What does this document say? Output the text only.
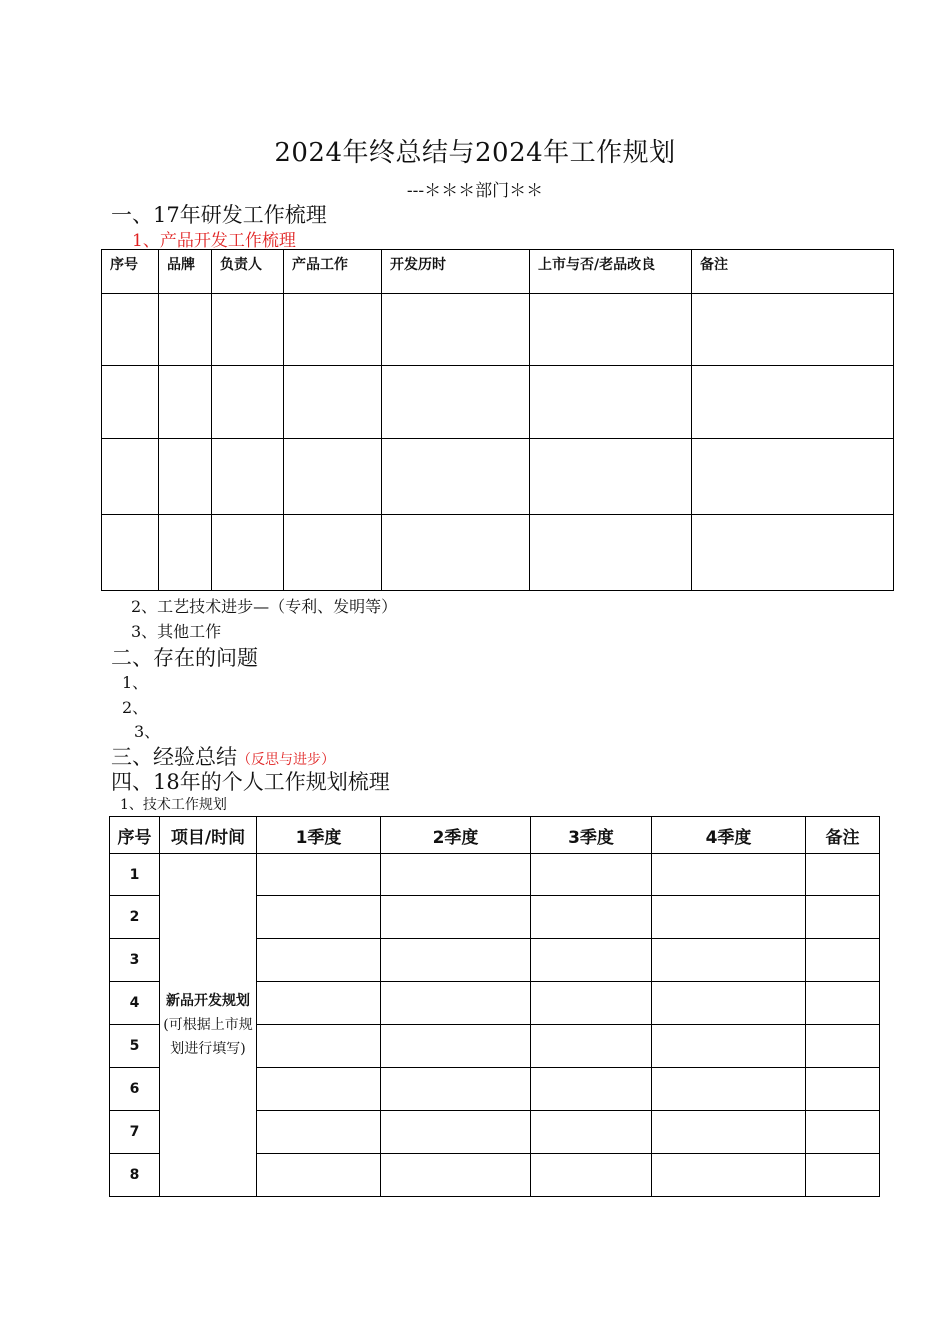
2024年终总结与2024年工作规划
---＊＊＊部门＊＊
一、17年研发工作梳理
1、产品开发工作梳理
序号	品牌	负责人	产品工作	开发历时	上市与否/老品改良	备注

2、工艺技术进步—（专利、发明等）
3、其他工作
二、存在的问题
1、
2、
3、
三、经验总结（反思与进步）
四、18年的个人工作规划梳理
1、技术工作规划
序号	项目/时间	1季度	2季度	3季度	4季度	备注
1	新品开发规划(可根据上市规划进行填写)					
2						
3						
4						
5						
6						
7						
8						
